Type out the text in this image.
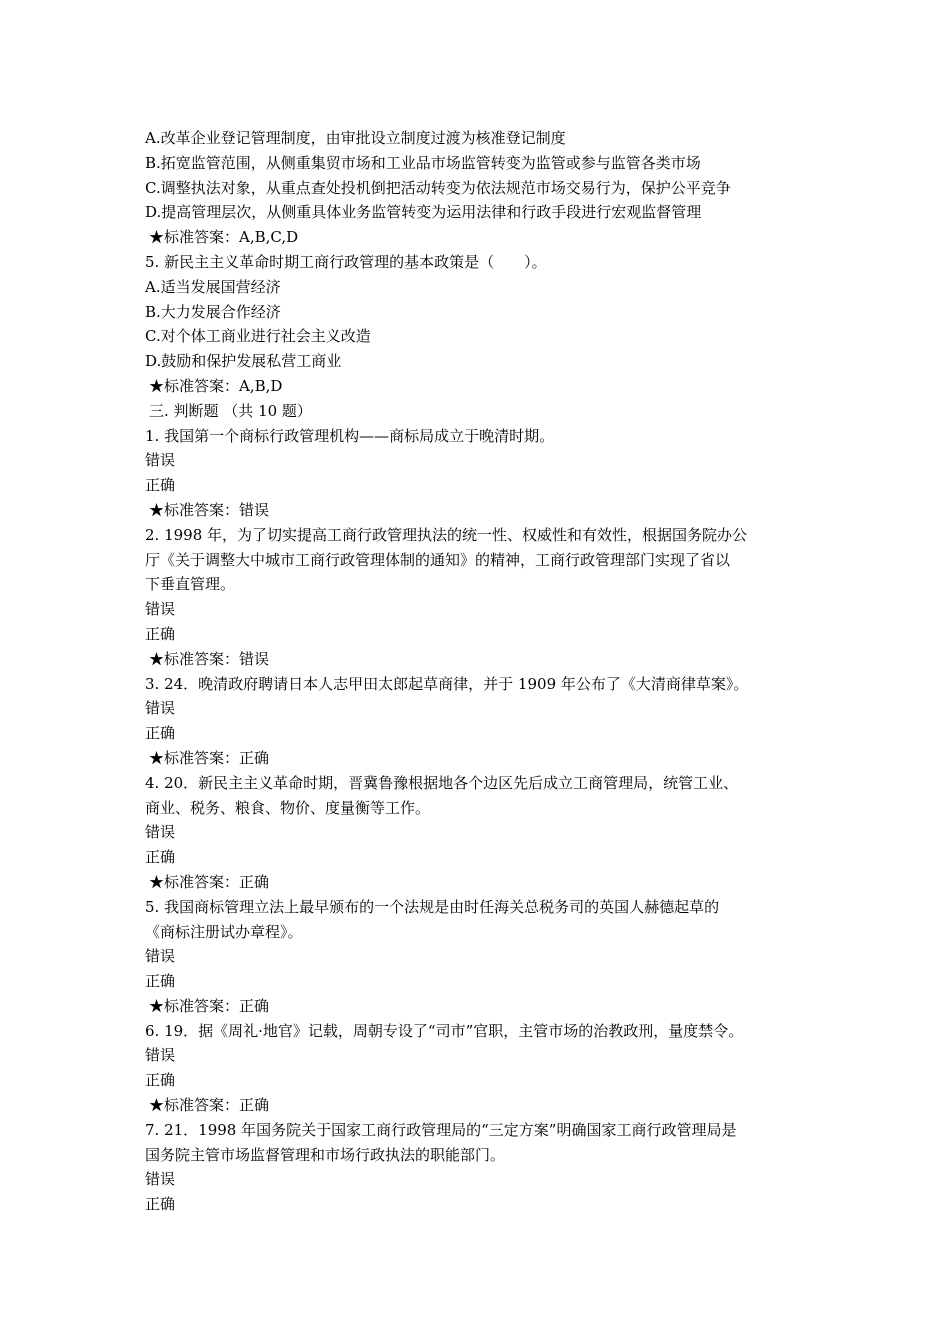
A.改革企业登记管理制度，由审批设立制度过渡为核准登记制度
B.拓宽监管范围，从侧重集贸市场和工业品市场监管转变为监管或参与监管各类市场
C.调整执法对象，从重点查处投机倒把活动转变为依法规范市场交易行为，保护公平竞争
D.提高管理层次，从侧重具体业务监管转变为运用法律和行政手段进行宏观监督管理
★标准答案：A,B,C,D
5. 新民主主义革命时期工商行政管理的基本政策是（　　）。
A.适当发展国营经济
B.大力发展合作经济
C.对个体工商业进行社会主义改造
D.鼓励和保护发展私营工商业
★标准答案：A,B,D
三. 判断题 （共 10 题）
1. 我国第一个商标行政管理机构——商标局成立于晚清时期。
错误
正确
★标准答案：错误
2. 1998 年，为了切实提高工商行政管理执法的统一性、权威性和有效性，根据国务院办公
厅《关于调整大中城市工商行政管理体制的通知》的精神，工商行政管理部门实现了省以
下垂直管理。
错误
正确
★标准答案：错误
3. 24．晚清政府聘请日本人志甲田太郎起草商律，并于 1909 年公布了《大清商律草案》。
错误
正确
★标准答案：正确
4. 20．新民主主义革命时期，晋冀鲁豫根据地各个边区先后成立工商管理局，统管工业、
商业、税务、粮食、物价、度量衡等工作。
错误
正确
★标准答案：正确
5. 我国商标管理立法上最早颁布的一个法规是由时任海关总税务司的英国人赫德起草的
《商标注册试办章程》。
错误
正确
★标准答案：正确
6. 19．据《周礼·地官》记载，周朝专设了“司市”官职，主管市场的治教政刑，量度禁令。
错误
正确
★标准答案：正确
7. 21．1998 年国务院关于国家工商行政管理局的“三定方案”明确国家工商行政管理局是
国务院主管市场监督管理和市场行政执法的职能部门。
错误
正确
